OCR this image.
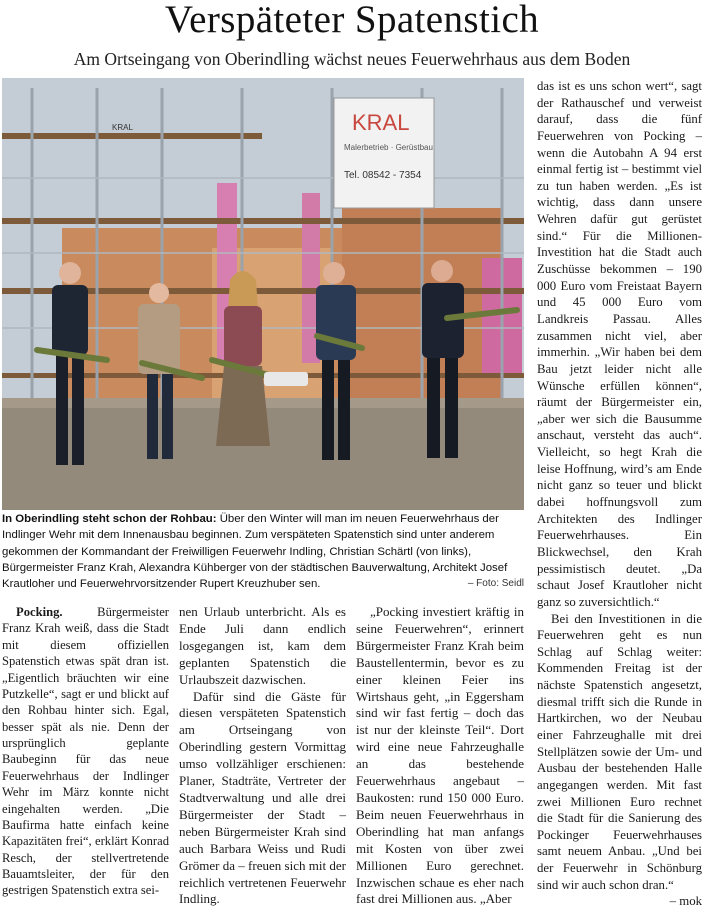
Verspäteter Spatenstich
Am Ortseingang von Oberindling wächst neues Feuerwehrhaus aus dem Boden
KRAL
Malerbetrieb · Gerüstbau
Tel. 08542 - 7354
KRAL
In Oberindling steht schon der Rohbau: Über den Winter will man im neuen Feuerwehrhaus der Indlinger Wehr mit dem Innenausbau beginnen. Zum verspäteten Spatenstich sind unter anderem gekommen der Kommandant der Freiwilligen Feuerwehr Indling, Christian Schärtl (von links), Bürgermeister Franz Krah, Alexandra Kühberger von der städtischen Bauverwaltung, Architekt Josef Krautloher und Feuerwehrvorsitzender Rupert Kreuzhuber sen.	– Foto: Seidl

Pocking. Bürgermeister Franz Krah weiß, dass die Stadt mit diesem offiziellen Spatenstich etwas spät dran ist. „Eigentlich bräuchten wir eine Putzkelle“, sagt er und blickt auf den Rohbau hinter sich. Egal, besser spät als nie. Denn der ursprünglich geplante Baubeginn für das neue Feuerwehrhaus der Indlinger Wehr im März konnte nicht eingehalten werden. „Die Baufirma hatte einfach keine Kapazitäten frei“, erklärt Konrad Resch, der stellvertretende Bauamtsleiter, der für den gestrigen Spatenstich extra sei-

nen Urlaub unterbricht. Als es Ende Juli dann endlich losgegangen ist, kam dem geplanten Spatenstich die Urlaubszeit dazwischen.

Dafür sind die Gäste für diesen verspäteten Spatenstich am Ortseingang von Oberindling gestern Vormittag umso vollzähliger erschienen: Planer, Stadträte, Vertreter der Stadtverwaltung und alle drei Bürgermeister der Stadt – neben Bürgermeister Krah sind auch Barbara Weiss und Rudi Grömer da – freuen sich mit der reichlich vertretenen Feuerwehr Indling.

„Pocking investiert kräftig in seine Feuerwehren“, erinnert Bürgermeister Franz Krah beim Baustellentermin, bevor es zu einer kleinen Feier ins Wirtshaus geht, „in Eggersham sind wir fast fertig – doch das ist nur der kleinste Teil“. Dort wird eine neue Fahrzeughalle an das bestehende Feuerwehrhaus angebaut – Baukosten: rund 150 000 Euro. Beim neuen Feuerwehrhaus in Oberindling hat man anfangs mit Kosten von über zwei Millionen Euro gerechnet. Inzwischen schaue es eher nach fast drei Millionen aus. „Aber

das ist es uns schon wert“, sagt der Rathauschef und verweist darauf, dass die fünf Feuerwehren von Pocking – wenn die Autobahn A 94 erst einmal fertig ist – bestimmt viel zu tun haben werden. „Es ist wichtig, dass dann unsere Wehren dafür gut gerüstet sind.“ Für die Millionen-Investition hat die Stadt auch Zuschüsse bekommen – 190 000 Euro vom Freistaat Bayern und 45 000 Euro vom Landkreis Passau. Alles zusammen nicht viel, aber immerhin. „Wir haben bei dem Bau jetzt leider nicht alle Wünsche erfüllen können“, räumt der Bürgermeister ein, „aber wer sich die Bausumme anschaut, versteht das auch“. Vielleicht, so hegt Krah die leise Hoffnung, wird’s am Ende nicht ganz so teuer und blickt dabei hoffnungsvoll zum Architekten des Indlinger Feuerwehrhauses. Ein Blickwechsel, den Krah pessimistisch deutet. „Da schaut Josef Krautloher nicht ganz so zuversichtlich.“

Bei den Investitionen in die Feuerwehren geht es nun Schlag auf Schlag weiter: Kommenden Freitag ist der nächste Spatenstich angesetzt, diesmal trifft sich die Runde in Hartkirchen, wo der Neubau einer Fahrzeughalle mit drei Stellplätzen sowie der Um- und Ausbau der bestehenden Halle angegangen werden. Mit fast zwei Millionen Euro rechnet die Stadt für die Sanierung des Pockinger Feuerwehrhauses samt neuem Anbau. „Und bei der Feuerwehr in Schönburg sind wir auch schon dran.“

– mok
